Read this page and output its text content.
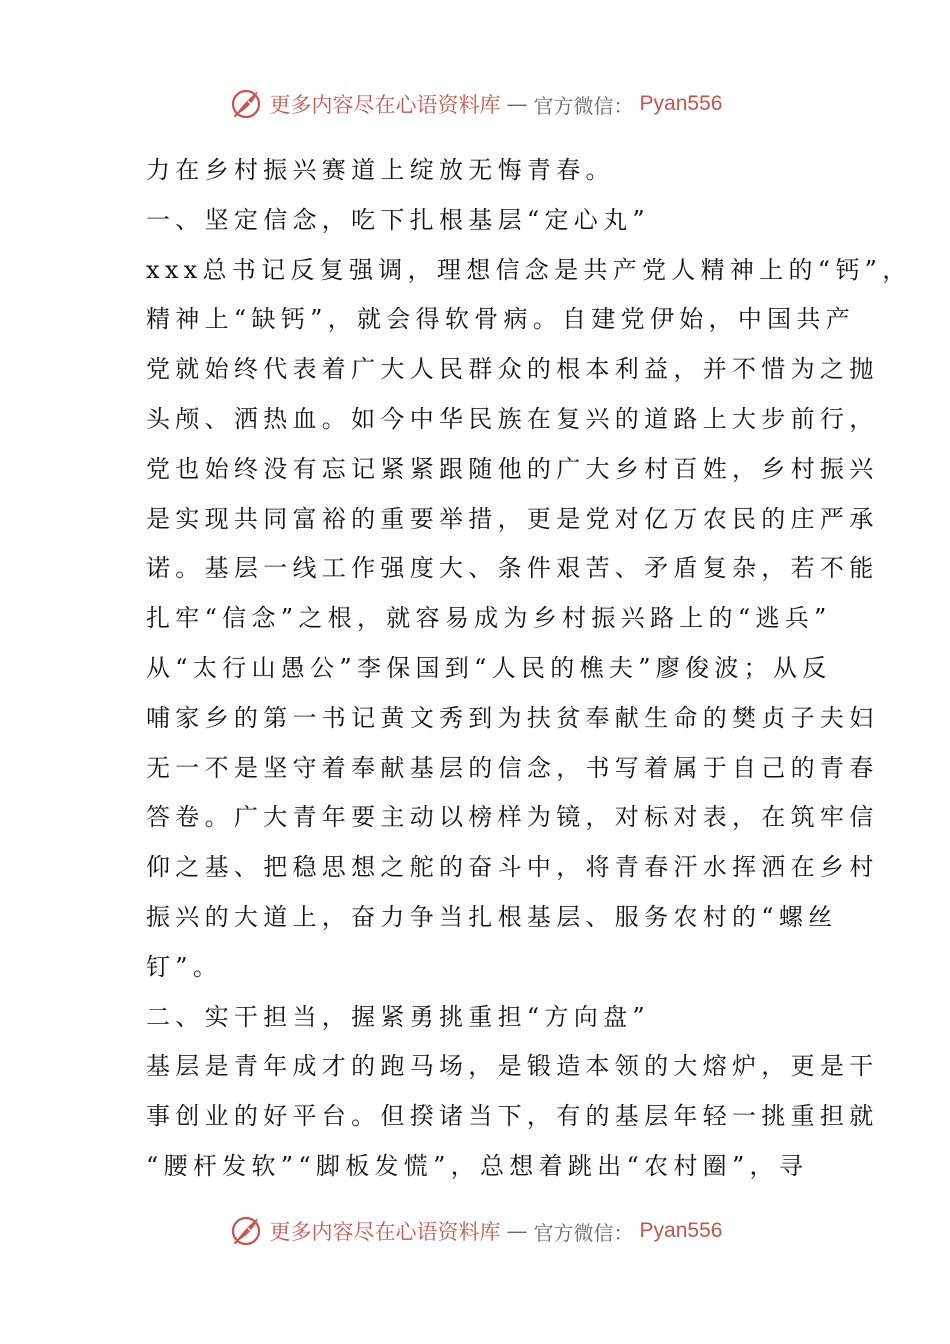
更多内容尽在心语资料库 — 官方微信： Pyan556
力在乡村振兴赛道上绽放无悔青春。
一、坚定信念，吃下扎根基层“定心丸”
xxx总书记反复强调，理想信念是共产党人精神上的“钙”，
精神上“缺钙”，就会得软骨病。自建党伊始，中国共产
党就始终代表着广大人民群众的根本利益，并不惜为之抛
头颅、洒热血。如今中华民族在复兴的道路上大步前行，
党也始终没有忘记紧紧跟随他的广大乡村百姓，乡村振兴
是实现共同富裕的重要举措，更是党对亿万农民的庄严承
诺。基层一线工作强度大、条件艰苦、矛盾复杂，若不能
扎牢“信念”之根，就容易成为乡村振兴路上的“逃兵”
从“太行山愚公”李保国到“人民的樵夫”廖俊波；从反
哺家乡的第一书记黄文秀到为扶贫奉献生命的樊贞子夫妇
无一不是坚守着奉献基层的信念，书写着属于自己的青春
答卷。广大青年要主动以榜样为镜，对标对表，在筑牢信
仰之基、把稳思想之舵的奋斗中，将青春汗水挥洒在乡村
振兴的大道上，奋力争当扎根基层、服务农村的“螺丝
钉”。
二、实干担当，握紧勇挑重担“方向盘”
基层是青年成才的跑马场，是锻造本领的大熔炉，更是干
事创业的好平台。但揆诸当下，有的基层年轻一挑重担就
“腰杆发软”“脚板发慌”，总想着跳出“农村圈”，寻
更多内容尽在心语资料库 — 官方微信： Pyan556
